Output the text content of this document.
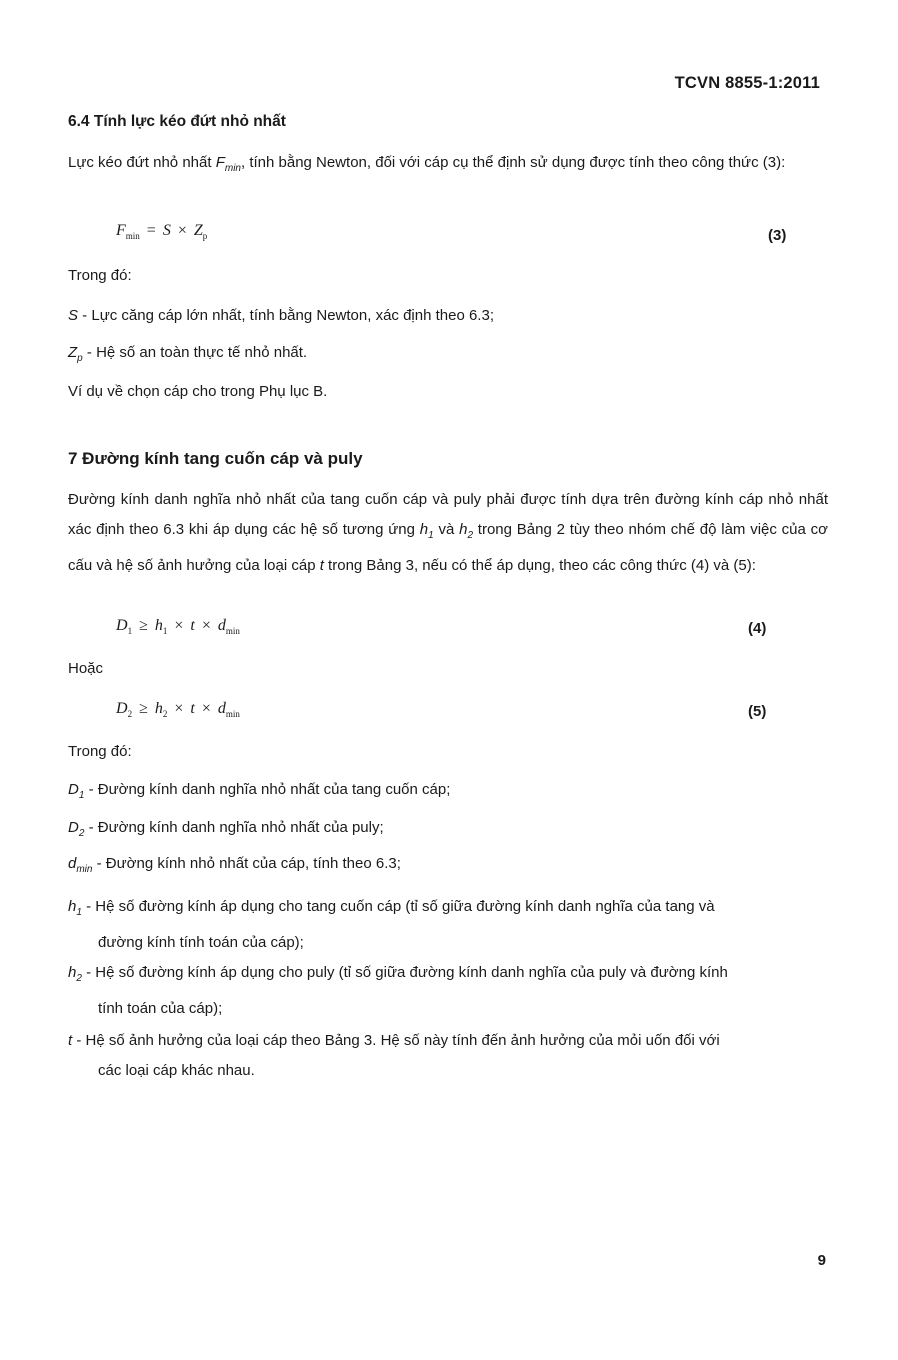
TCVN 8855-1:2011
6.4 Tính lực kéo đứt nhỏ nhất
Lực kéo đứt nhỏ nhất $F_{min}$, tính bằng Newton, đối với cáp cụ thể định sử dụng được tính theo công thức (3):
$F_{min} = S \times Z_p$	(3)
Trong đó:
S - Lực căng cáp lớn nhất, tính bằng Newton, xác định theo 6.3;
$Z_p$ - Hệ số an toàn thực tế nhỏ nhất.
Ví dụ về chọn cáp cho trong Phụ lục B.
7 Đường kính tang cuốn cáp và puly
Đường kính danh nghĩa nhỏ nhất của tang cuốn cáp và puly phải được tính dựa trên đường kính cáp nhỏ nhất xác định theo 6.3 khi áp dụng các hệ số tương ứng $h_1$ và $h_2$ trong Bảng 2 tùy theo nhóm chế độ làm việc của cơ cấu và hệ số ảnh hưởng của loại cáp t trong Bảng 3, nếu có thể áp dụng, theo các công thức (4) và (5):
$D_1 \ge h_1 \times t \times d_{min}$	(4)
Hoặc
$D_2 \ge h_2 \times t \times d_{min}$	(5)
Trong đó:
$D_1$ - Đường kính danh nghĩa nhỏ nhất của tang cuốn cáp;
$D_2$ - Đường kính danh nghĩa nhỏ nhất của puly;
$d_{min}$ - Đường kính nhỏ nhất của cáp, tính theo 6.3;
$h_1$ - Hệ số đường kính áp dụng cho tang cuốn cáp (tỉ số giữa đường kính danh nghĩa của tang và
đường kính tính toán của cáp);
$h_2$ - Hệ số đường kính áp dụng cho puly (tỉ số giữa đường kính danh nghĩa của puly và đường kính
tính toán của cáp);
t - Hệ số ảnh hưởng của loại cáp theo Bảng 3. Hệ số này tính đến ảnh hưởng của mỏi uốn đối với
các loại cáp khác nhau.
9
